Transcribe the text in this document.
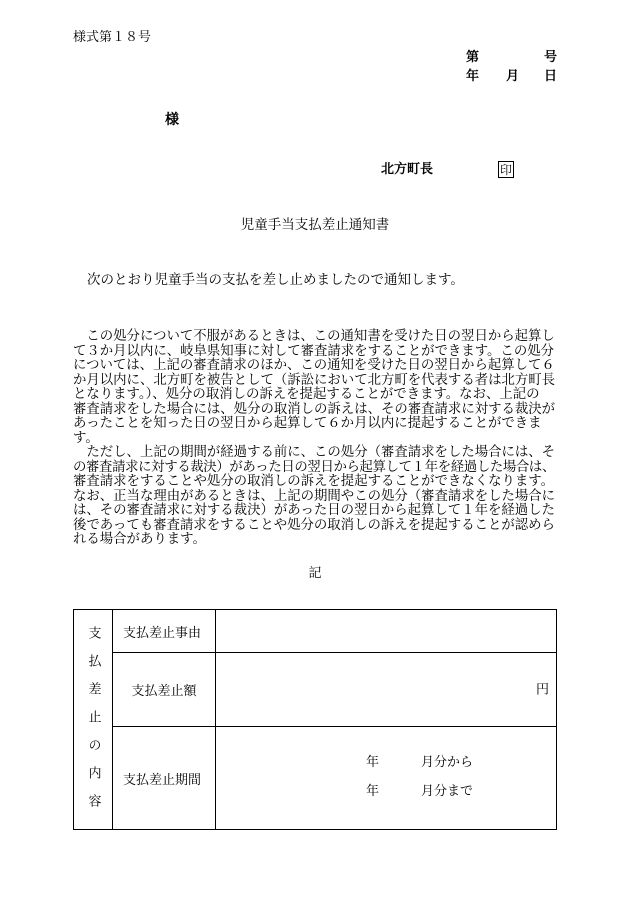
様式第１８号
第	号
年 月 日
様
北方町長	印
児童手当支払差止通知書
次のとおり児童手当の支払を差し止めましたので通知します。
　この処分について不服があるときは、この通知書を受けた日の翌日から起算し
て３か月以内に、岐阜県知事に対して審査請求をすることができます。この処分
については、上記の審査請求のほか、この通知を受けた日の翌日から起算して６
か月以内に、北方町を被告として（訴訟において北方町を代表する者は北方町長
となります。）、処分の取消しの訴えを提起することができます。なお、上記の
審査請求をした場合には、処分の取消しの訴えは、その審査請求に対する裁決が
あったことを知った日の翌日から起算して６か月以内に提起することができま
す。
　ただし、上記の期間が経過する前に、この処分（審査請求をした場合には、そ
の審査請求に対する裁決）があった日の翌日から起算して１年を経過した場合は、
審査請求をすることや処分の取消しの訴えを提起することができなくなります。
なお、正当な理由があるときは、上記の期間やこの処分（審査請求をした場合に
は、その審査請求に対する裁決）があった日の翌日から起算して１年を経過した
後であっても審査請求をすることや処分の取消しの訴えを提起することが認めら
れる場合があります。
記
支払差止の内容 支払差止事由
支払差止額	円
支払差止期間
年	月分から
年	月分まで
